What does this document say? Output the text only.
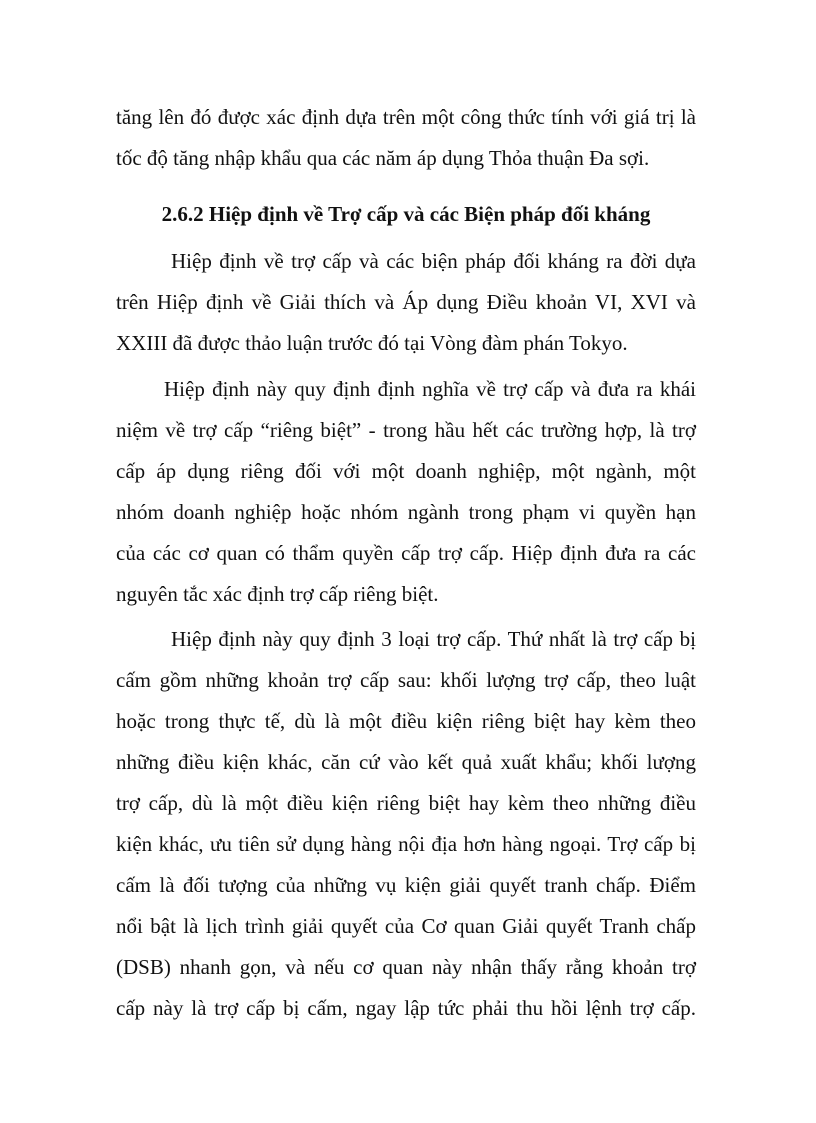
tăng lên đó được xác định dựa trên một công thức tính với giá trị là
tốc độ tăng nhập khẩu qua các năm áp dụng Thỏa thuận Đa sợi.
2.6.2 Hiệp định về Trợ cấp và các Biện pháp đối kháng
Hiệp định về trợ cấp và các biện pháp đối kháng ra đời dựa
trên Hiệp định về Giải thích và Áp dụng Điều khoản VI, XVI và
XXIII đã được thảo luận trước đó tại Vòng đàm phán Tokyo.
Hiệp định này quy định định nghĩa về trợ cấp và đưa ra khái
niệm về trợ cấp “riêng biệt” - trong hầu hết các trường hợp, là trợ
cấp áp dụng riêng đối với một doanh nghiệp, một ngành, một
nhóm doanh nghiệp hoặc nhóm ngành trong phạm vi quyền hạn
của các cơ quan có thẩm quyền cấp trợ cấp. Hiệp định đưa ra các
nguyên tắc xác định trợ cấp riêng biệt.
Hiệp định này quy định 3 loại trợ cấp. Thứ nhất là trợ cấp bị
cấm gồm những khoản trợ cấp sau: khối lượng trợ cấp, theo luật
hoặc trong thực tế, dù là một điều kiện riêng biệt hay kèm theo
những điều kiện khác, căn cứ vào kết quả xuất khẩu; khối lượng
trợ cấp, dù là một điều kiện riêng biệt hay kèm theo những điều
kiện khác, ưu tiên sử dụng hàng nội địa hơn hàng ngoại. Trợ cấp bị
cấm là đối tượng của những vụ kiện giải quyết tranh chấp. Điểm
nổi bật là lịch trình giải quyết của Cơ quan Giải quyết Tranh chấp
(DSB) nhanh gọn, và nếu cơ quan này nhận thấy rằng khoản trợ
cấp này là trợ cấp bị cấm, ngay lập tức phải thu hồi lệnh trợ cấp.
